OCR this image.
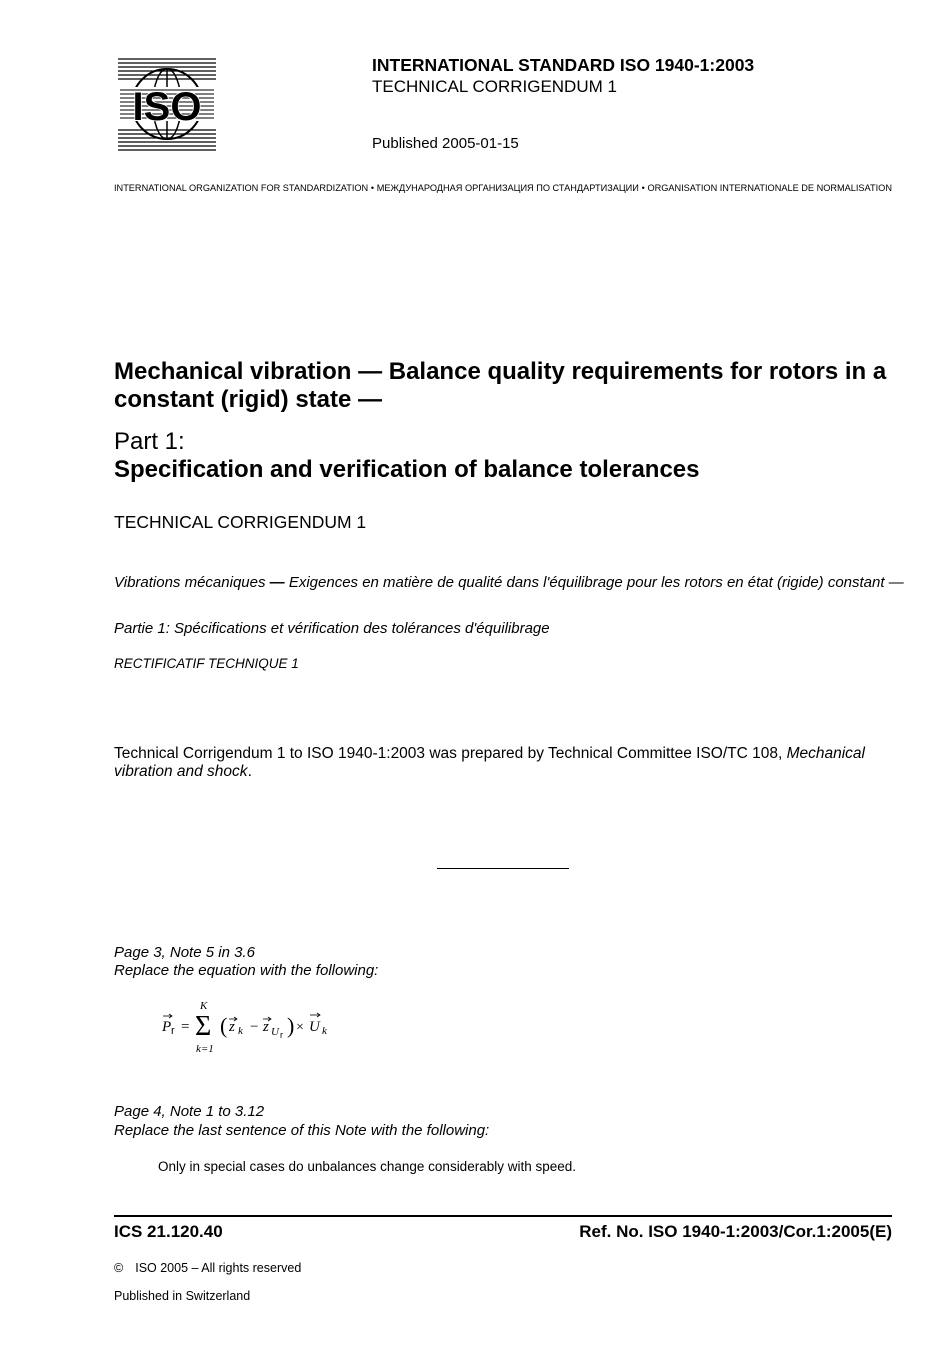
ISO
INTERNATIONAL STANDARD ISO 1940-1:2003
TECHNICAL CORRIGENDUM 1
Published 2005-01-15
INTERNATIONAL ORGANIZATION FOR STANDARDIZATION • МЕЖДУНАРОДНАЯ ОРГАНИЗАЦИЯ ПО СТАНДАРТИЗАЦИИ • ORGANISATION INTERNATIONALE DE NORMALISATION
Mechanical vibration — Balance quality requirements for rotors in a constant (rigid) state —
Part 1:
Specification and verification of balance tolerances
TECHNICAL CORRIGENDUM 1
Vibrations mécaniques — Exigences en matière de qualité dans l'équilibrage pour les rotors en état (rigide) constant —
Partie 1: Spécifications et vérification des tolérances d'équilibrage
RECTIFICATIF TECHNIQUE 1
Technical Corrigendum 1 to ISO 1940-1:2003 was prepared by Technical Committee ISO/TC 108, Mechanical vibration and shock.
Page 3, Note 5 in 3.6
Replace the equation with the following:
P r =
K
Σ
k=1
( z k − z U r ) × U k
Page 4, Note 1 to 3.12
Replace the last sentence of this Note with the following:
Only in special cases do unbalances change considerably with speed.
ICS 21.120.40	Ref. No. ISO 1940-1:2003/Cor.1:2005(E)
© ISO 2005 – All rights reserved
Published in Switzerland
